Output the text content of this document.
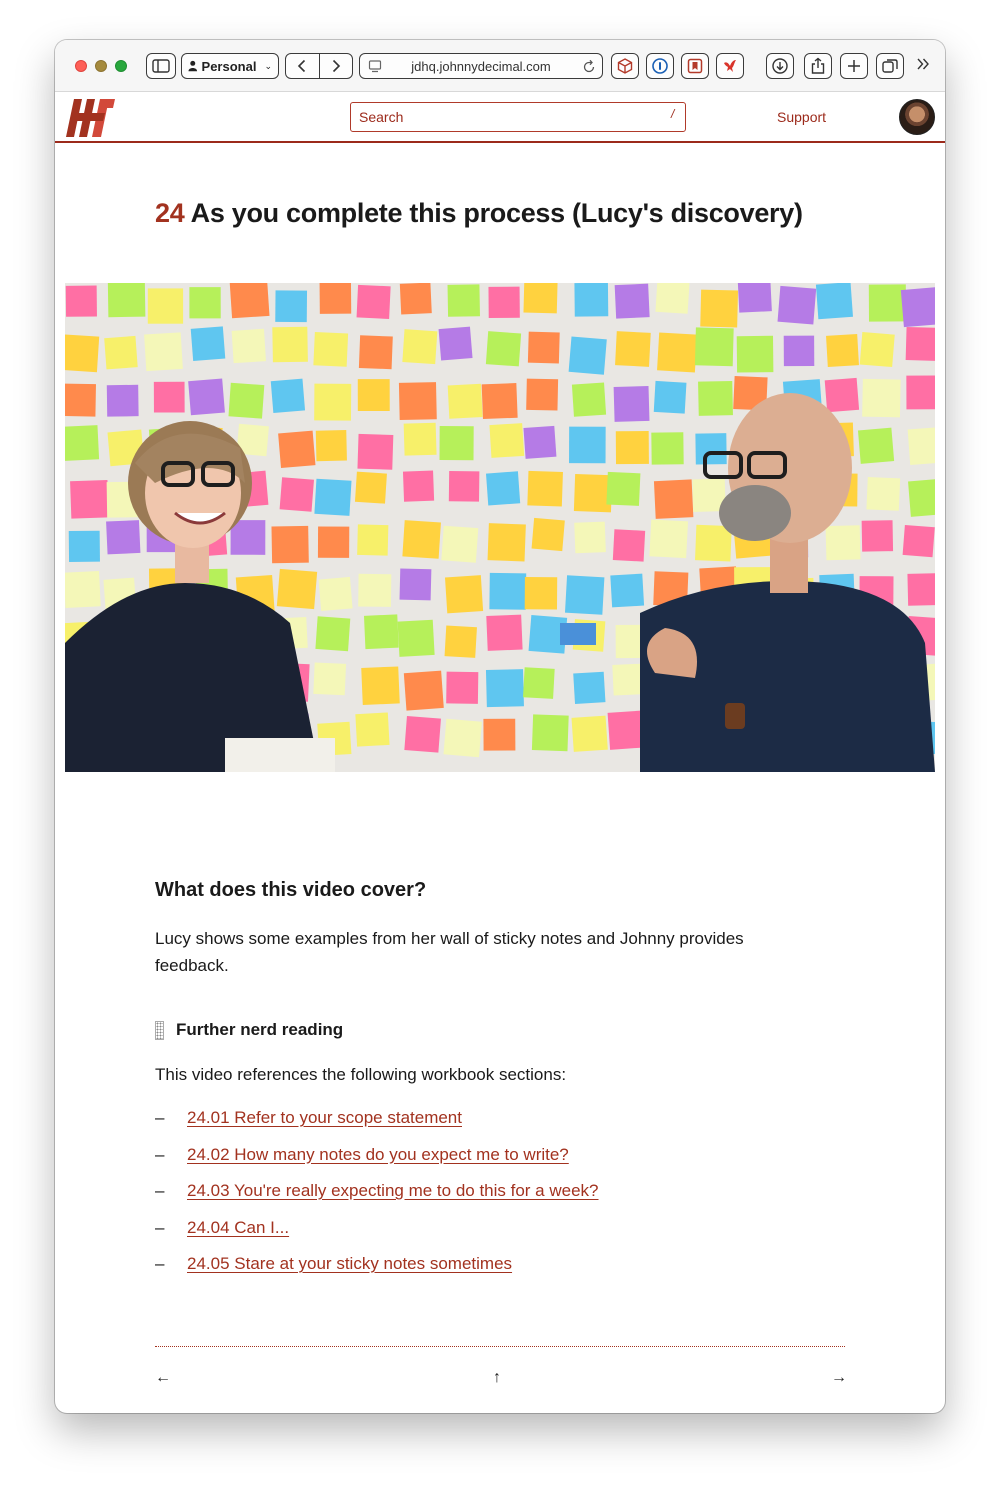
Personal ⌄	jdhq.johnnydecimal.com
Search
/	Support
24 As you complete this process (Lucy's discovery)
What does this video cover?

Lucy shows some examples from her wall of sticky notes and Johnny provides feedback.

Further nerd reading

This video references the following workbook sections:

–	24.01 Refer to your scope statement
–	24.02 How many notes do you expect me to write?
–	24.03 You're really expecting me to do this for a week?
–	24.04 Can I...
–	24.05 Stare at your sticky notes sometimes
←	↑	→
